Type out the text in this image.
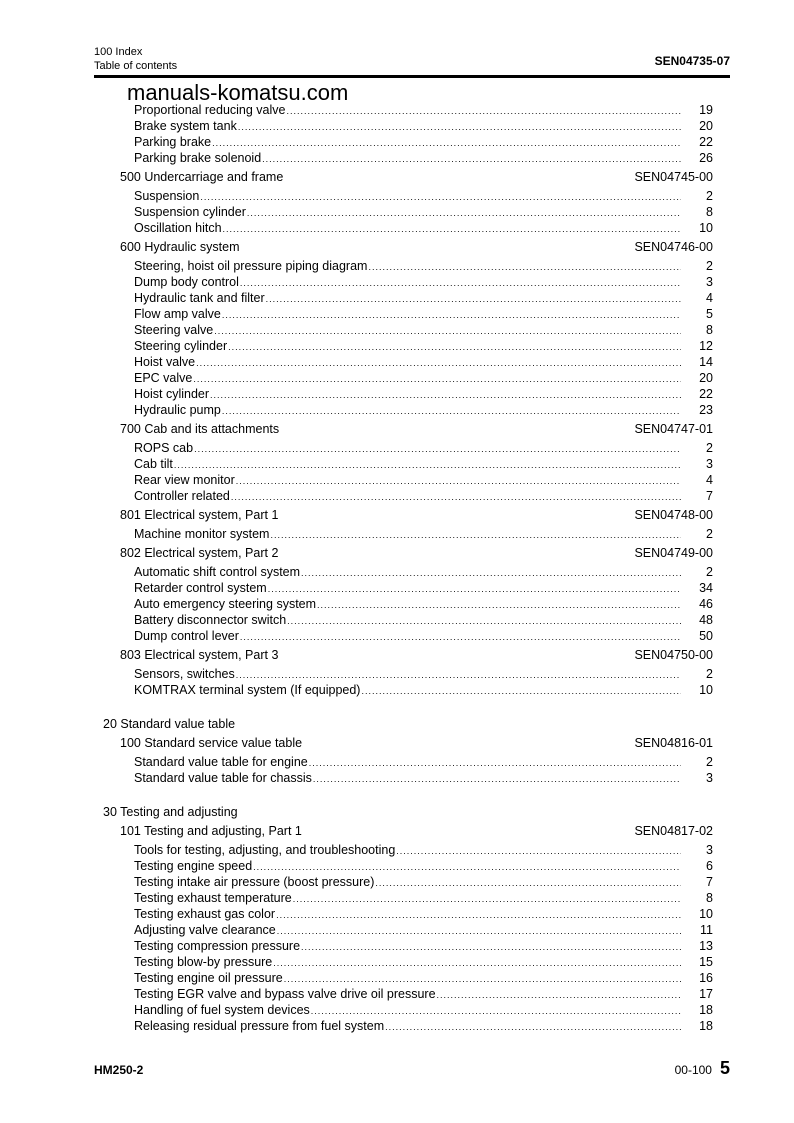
100 Index
Table of contents	SEN04735-07
manuals-komatsu.com
Proportional reducing valve .....	19
Brake system tank .....	20
Parking brake .....	22
Parking brake solenoid .....	26
500 Undercarriage and frame	SEN04745-00
Suspension .....	2
Suspension cylinder .....	8
Oscillation hitch .....	10
600 Hydraulic system	SEN04746-00
Steering, hoist oil pressure piping diagram .....	2
Dump body control .....	3
Hydraulic tank and filter .....	4
Flow amp valve .....	5
Steering valve .....	8
Steering cylinder .....	12
Hoist valve .....	14
EPC valve .....	20
Hoist cylinder .....	22
Hydraulic pump .....	23
700 Cab and its attachments	SEN04747-01
ROPS cab .....	2
Cab tilt .....	3
Rear view monitor .....	4
Controller related .....	7
801 Electrical system, Part 1	SEN04748-00
Machine monitor system .....	2
802 Electrical system, Part 2	SEN04749-00
Automatic shift control system .....	2
Retarder control system .....	34
Auto emergency steering system .....	46
Battery disconnector switch .....	48
Dump control lever .....	50
803 Electrical system, Part 3	SEN04750-00
Sensors, switches .....	2
KOMTRAX terminal system (If equipped) .....	10
20 Standard value table
100 Standard service value table	SEN04816-01
Standard value table for engine .....	2
Standard value table for chassis .....	3
30 Testing and adjusting
101 Testing and adjusting, Part 1	SEN04817-02
Tools for testing, adjusting, and troubleshooting .....	3
Testing engine speed .....	6
Testing intake air pressure (boost pressure) .....	7
Testing exhaust temperature .....	8
Testing exhaust gas color .....	10
Adjusting valve clearance .....	11
Testing compression pressure .....	13
Testing blow-by pressure .....	15
Testing engine oil pressure .....	16
Testing EGR valve and bypass valve drive oil pressure .....	17
Handling of fuel system devices .....	18
Releasing residual pressure from fuel system .....	18
HM250-2	00-100 5
